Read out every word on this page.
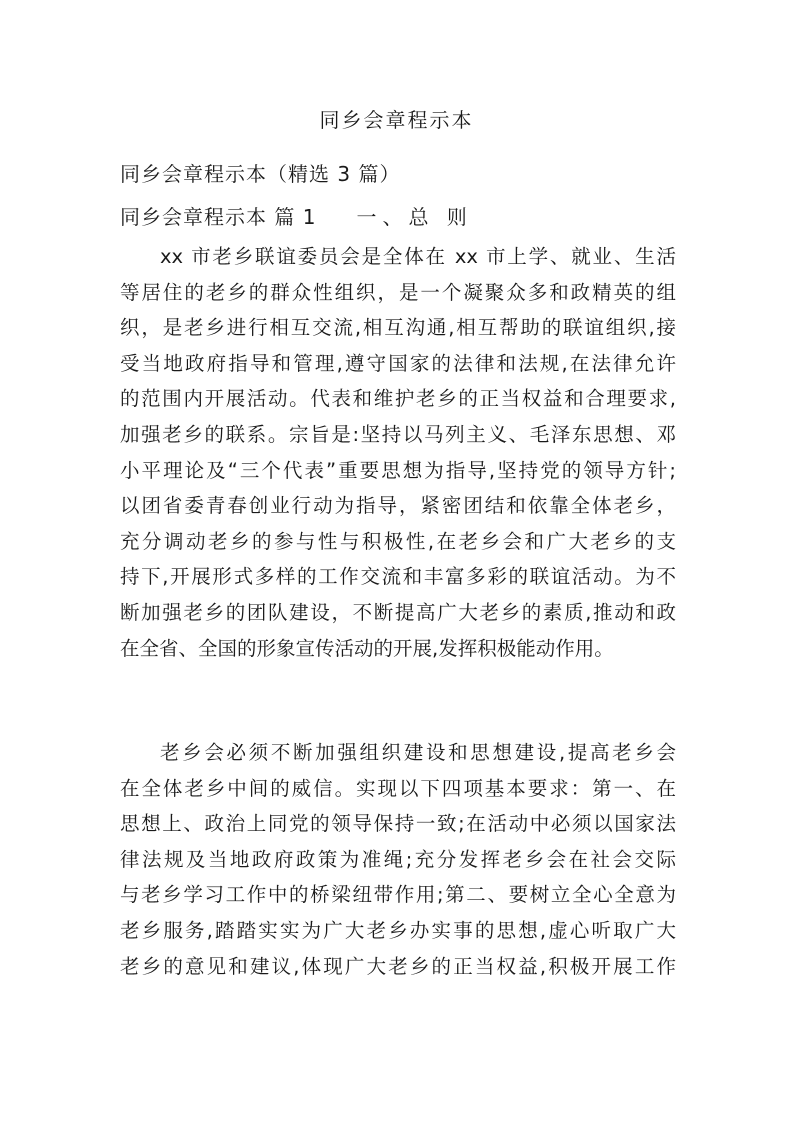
同乡会章程示本
同乡会章程示本（精选 3 篇）
同乡会章程示本 篇 1 一、总 则
xx 市老乡联谊委员会是全体在 xx 市上学、就业、生活
等居住的老乡的群众性组织，是一个凝聚众多和政精英的组
织，是老乡进行相互交流,相互沟通,相互帮助的联谊组织,接
受当地政府指导和管理,遵守国家的法律和法规,在法律允许
的范围内开展活动。代表和维护老乡的正当权益和合理要求,
加强老乡的联系。宗旨是:坚持以马列主义、毛泽东思想、邓
小平理论及“三个代表”重要思想为指导,坚持党的领导方针;
以团省委青春创业行动为指导，紧密团结和依靠全体老乡，
充分调动老乡的参与性与积极性,在老乡会和广大老乡的支
持下,开展形式多样的工作交流和丰富多彩的联谊活动。为不
断加强老乡的团队建设，不断提高广大老乡的素质,推动和政
在全省、全国的形象宣传活动的开展,发挥积极能动作用。
老乡会必须不断加强组织建设和思想建设,提高老乡会
在全体老乡中间的威信。实现以下四项基本要求：第一、在
思想上、政治上同党的领导保持一致;在活动中必须以国家法
律法规及当地政府政策为准绳;充分发挥老乡会在社会交际
与老乡学习工作中的桥梁纽带作用;第二、要树立全心全意为
老乡服务,踏踏实实为广大老乡办实事的思想,虚心听取广大
老乡的意见和建议,体现广大老乡的正当权益,积极开展工作
